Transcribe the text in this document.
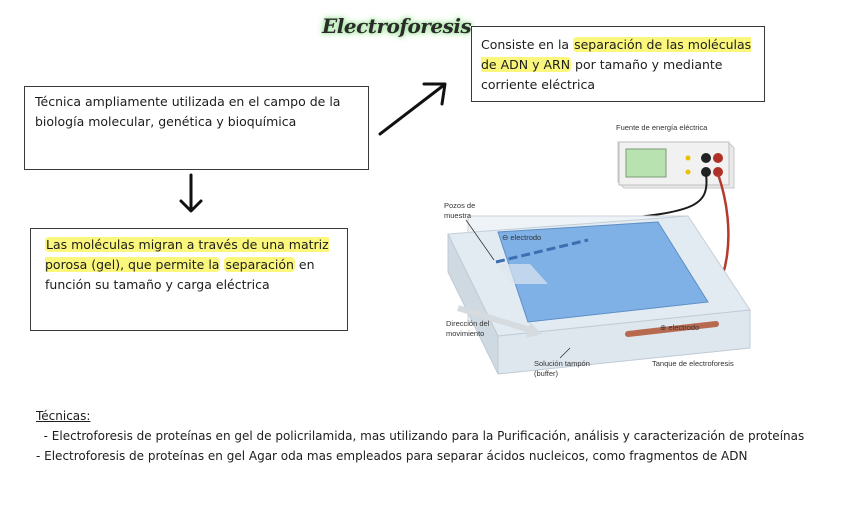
Electroforesis
Técnica ampliamente utilizada en el campo de la biología molecular, genética y bioquímica
Consiste en la separación de las moléculas de ADN y ARN por tamaño y mediante corriente eléctrica
Las moléculas migran a través de una matriz porosa (gel), que permite la separación en función su tamaño y carga eléctrica
Fuente de energía eléctrica
Pozos de
muestra
⊖ electrodo
⊕ electrodo
Dirección del
movimiento
Solución tampón
(buffer)
Tanque de electroforesis
Técnicas:
- Electroforesis de proteínas en gel de policrilamida, mas utilizando para la Purificación, análisis y caracterización de proteínas
- Electroforesis de proteínas en gel Agar oda mas empleados para separar ácidos nucleicos, como fragmentos de ADN
